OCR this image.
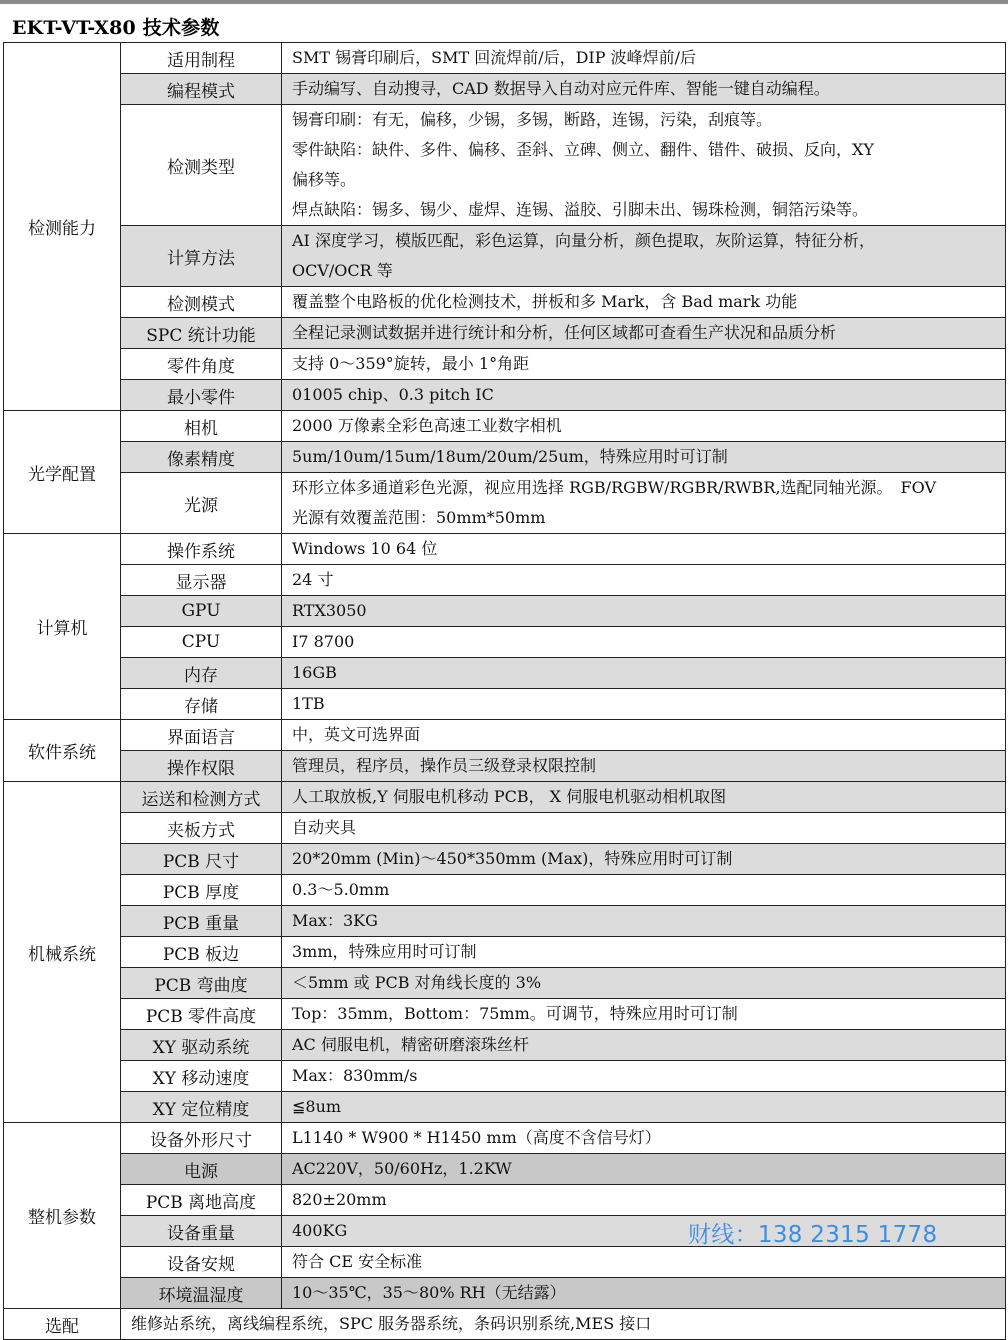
EKT-VT-X80 技术参数
检测能力	适用制程	SMT 锡膏印刷后，SMT 回流焊前/后，DIP 波峰焊前/后
	编程模式	手动编写、自动搜寻，CAD 数据导入自动对应元件库、智能一键自动编程。
	检测类型	锡膏印刷：有无，偏移，少锡，多锡，断路，连锡，污染，刮痕等。
零件缺陷：缺件、多件、偏移、歪斜、立碑、侧立、翻件、错件、破损、反向，XY
偏移等。
焊点缺陷：锡多、锡少、虚焊、连锡、溢胶、引脚未出、锡珠检测，铜箔污染等。

	计算方法	AI 深度学习，模版匹配，彩色运算，向量分析，颜色提取，灰阶运算，特征分析，
OCV/OCR 等

	检测模式	覆盖整个电路板的优化检测技术，拼板和多 Mark，含 Bad mark 功能
	SPC 统计功能	全程记录测试数据并进行统计和分析，任何区域都可查看生产状况和品质分析
	零件角度	支持 0～359°旋转，最小 1°角距
	最小零件	01005 chip、0.3 pitch IC
光学配置	相机	2000 万像素全彩色高速工业数字相机
	像素精度	5um/10um/15um/18um/20um/25um，特殊应用时可订制
	光源	环形立体多通道彩色光源，视应用选择 RGB/RGBW/RGBR/RWBR,选配同轴光源。　FOV
光源有效覆盖范围：50mm*50mm

计算机	操作系统	Windows 10 64 位
	显示器	24 寸
	GPU	RTX3050
	CPU	I7 8700
	内存	16GB
	存储	1TB
软件系统	界面语言	中，英文可选界面
	操作权限	管理员，程序员，操作员三级登录权限控制
机械系统	运送和检测方式	人工取放板,Y 伺服电机移动 PCB， X 伺服电机驱动相机取图
	夹板方式	自动夹具
	PCB 尺寸	20*20mm (Min)～450*350mm (Max)，特殊应用时可订制
	PCB 厚度	0.3～5.0mm
	PCB 重量	Max：3KG
	PCB 板边	3mm，特殊应用时可订制
	PCB 弯曲度	＜5mm 或 PCB 对角线长度的 3%
	PCB 零件高度	Top：35mm，Bottom：75mm。可调节，特殊应用时可订制
	XY 驱动系统	AC 伺服电机，精密研磨滚珠丝杆
	XY 移动速度	Max：830mm/s
	XY 定位精度	≦8um
整机参数	设备外形尺寸	L1140 * W900 * H1450 mm（高度不含信号灯）
	电源	AC220V，50/60Hz，1.2KW
	PCB 离地高度	820±20mm
	设备重量	400KG
	设备安规	符合 CE 安全标准
	环境温湿度	10～35℃，35～80% RH（无结露）
选配	维修站系统，离线编程系统，SPC 服务器系统，条码识别系统,MES 接口	
财线：138 2315 1778
